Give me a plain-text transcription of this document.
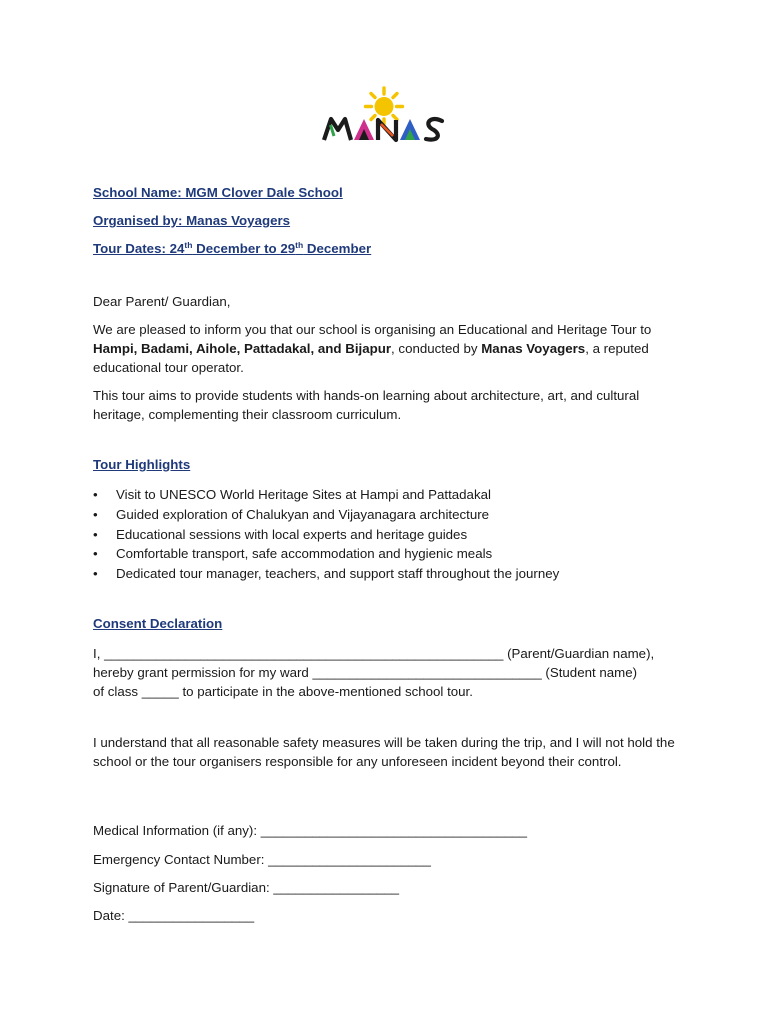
School Name: MGM Clover Dale School

Organised by: Manas Voyagers

Tour Dates: 24th December to 29th December

Dear Parent/ Guardian,

We are pleased to inform you that our school is organising an Educational and Heritage Tour to Hampi, Badami, Aihole, Pattadakal, and Bijapur, conducted by Manas Voyagers, a reputed educational tour operator.

This tour aims to provide students with hands-on learning about architecture, art, and cultural heritage, complementing their classroom curriculum.

Tour Highlights

• Visit to UNESCO World Heritage Sites at Hampi and Pattadakal
• Guided exploration of Chalukyan and Vijayanagara architecture
• Educational sessions with local experts and heritage guides
• Comfortable transport, safe accommodation and hygienic meals
• Dedicated tour manager, teachers, and support staff throughout the journey

Consent Declaration

I, ______________________________________________________ (Parent/Guardian name),

hereby grant permission for my ward _______________________________ (Student name)

of class _____ to participate in the above-mentioned school tour.

I understand that all reasonable safety measures will be taken during the trip, and I will not hold the school or the tour organisers responsible for any unforeseen incident beyond their control.

Medical Information (if any): ____________________________________

Emergency Contact Number: ______________________

Signature of Parent/Guardian: _________________

Date: _________________
